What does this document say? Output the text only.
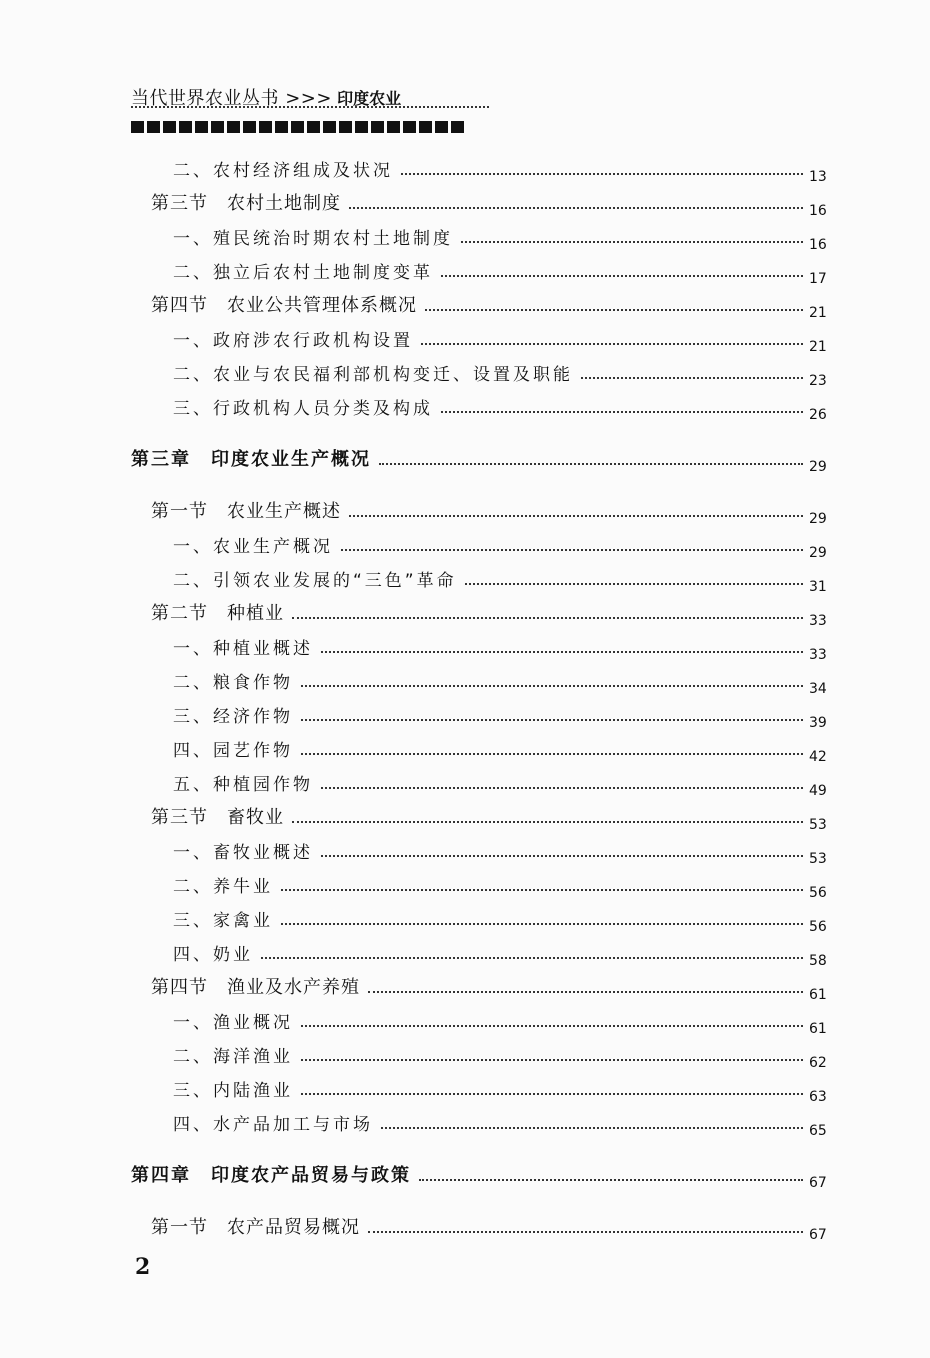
当代世界农业丛书 >>> 印度农业
二、农村经济组成及状况	13
第三节　农村土地制度	16
一、殖民统治时期农村土地制度	16
二、独立后农村土地制度变革	17
第四节　农业公共管理体系概况	21
一、政府涉农行政机构设置	21
二、农业与农民福利部机构变迁、设置及职能	23
三、行政机构人员分类及构成	26
第三章　印度农业生产概况	29
第一节　农业生产概述	29
一、农业生产概况	29
二、引领农业发展的“三色”革命	31
第二节　种植业	33
一、种植业概述	33
二、粮食作物	34
三、经济作物	39
四、园艺作物	42
五、种植园作物	49
第三节　畜牧业	53
一、畜牧业概述	53
二、养牛业	56
三、家禽业	56
四、奶业	58
第四节　渔业及水产养殖	61
一、渔业概况	61
二、海洋渔业	62
三、内陆渔业	63
四、水产品加工与市场	65
第四章　印度农产品贸易与政策	67
第一节　农产品贸易概况	67
2
